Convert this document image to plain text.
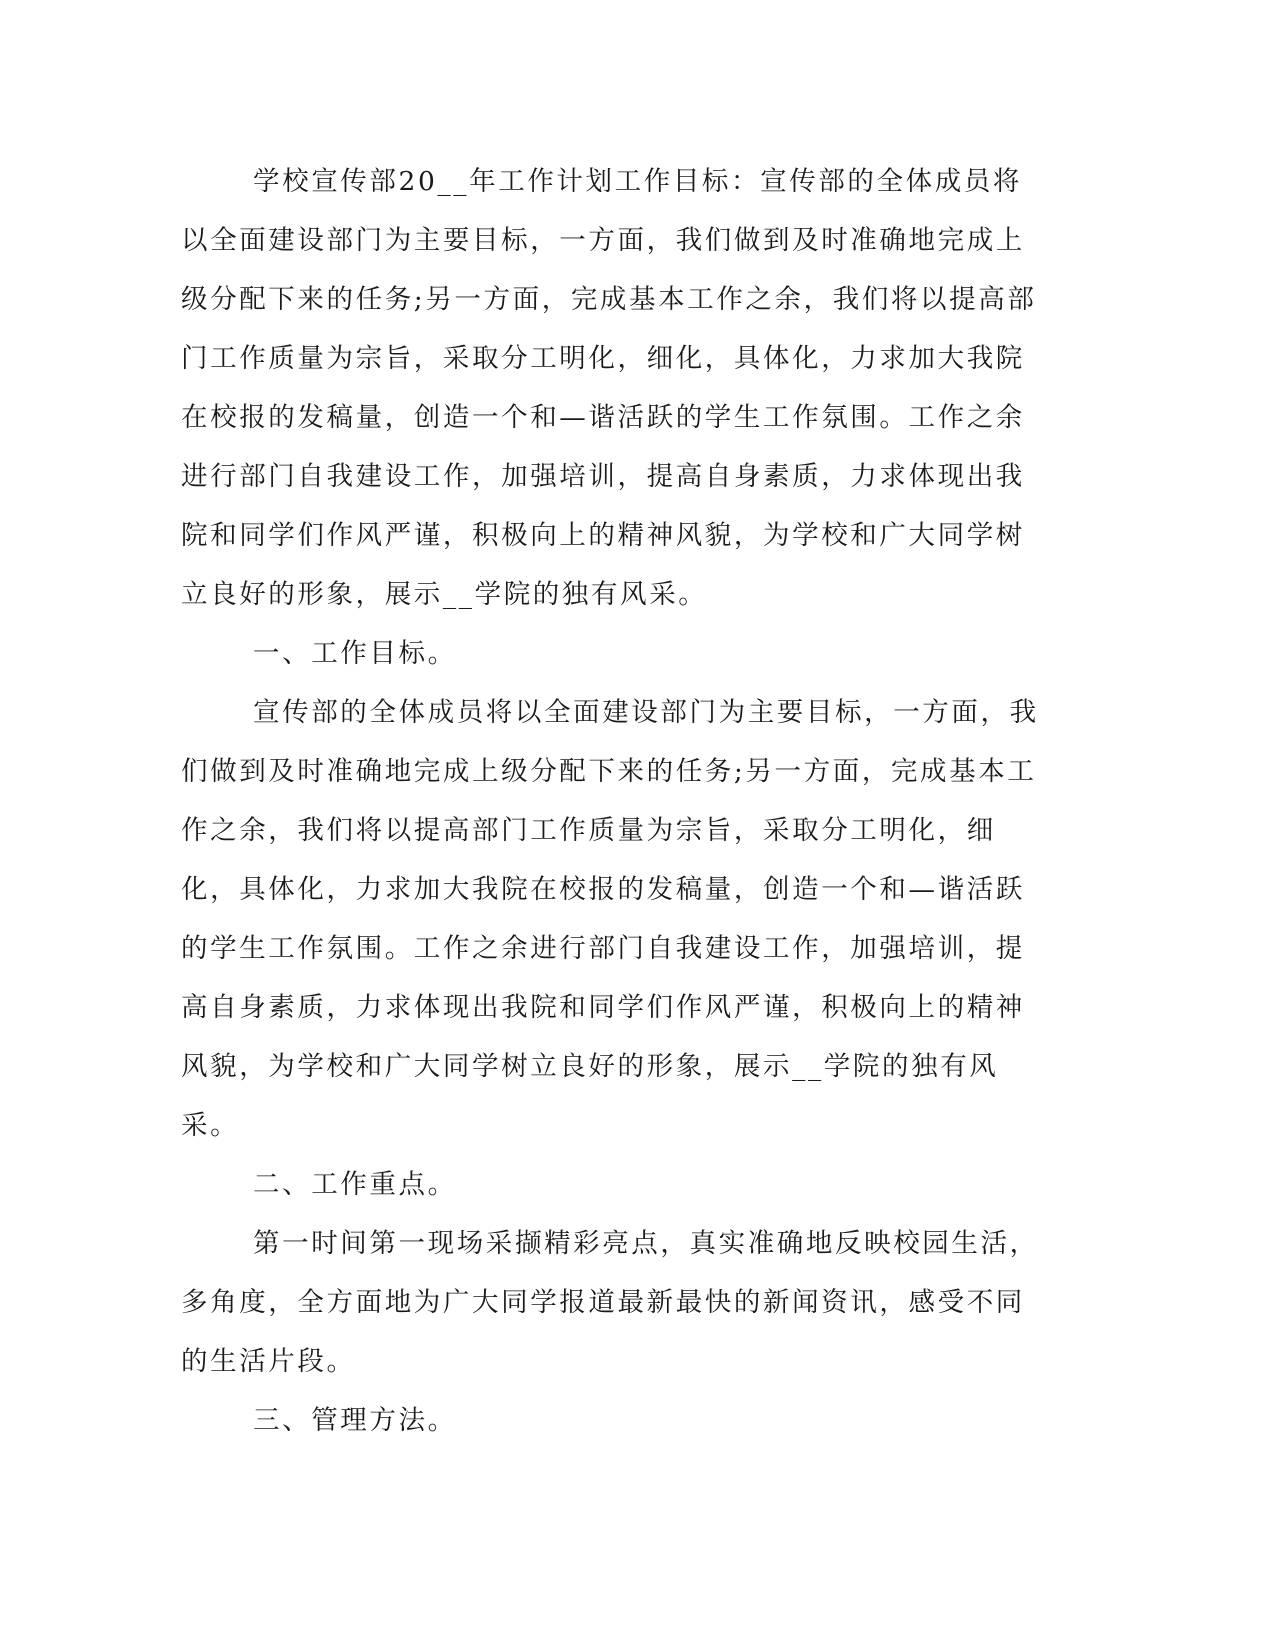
学校宣传部20__年工作计划工作目标：宣传部的全体成员将以全面建设部门为主要目标，一方面，我们做到及时准确地完成上级分配下来的任务;另一方面，完成基本工作之余，我们将以提高部门工作质量为宗旨，采取分工明化，细化，具体化，力求加大我院在校报的发稿量，创造一个和—谐活跃的学生工作氛围。工作之余进行部门自我建设工作，加强培训，提高自身素质，力求体现出我院和同学们作风严谨，积极向上的精神风貌，为学校和广大同学树立良好的形象，展示__学院的独有风采。

一、工作目标。

宣传部的全体成员将以全面建设部门为主要目标，一方面，我们做到及时准确地完成上级分配下来的任务;另一方面，完成基本工作之余，我们将以提高部门工作质量为宗旨，采取分工明化，细化，具体化，力求加大我院在校报的发稿量，创造一个和—谐活跃的学生工作氛围。工作之余进行部门自我建设工作，加强培训，提高自身素质，力求体现出我院和同学们作风严谨，积极向上的精神风貌，为学校和广大同学树立良好的形象，展示__学院的独有风采。

二、工作重点。

第一时间第一现场采撷精彩亮点，真实准确地反映校园生活，多角度，全方面地为广大同学报道最新最快的新闻资讯，感受不同的生活片段。

三、管理方法。
